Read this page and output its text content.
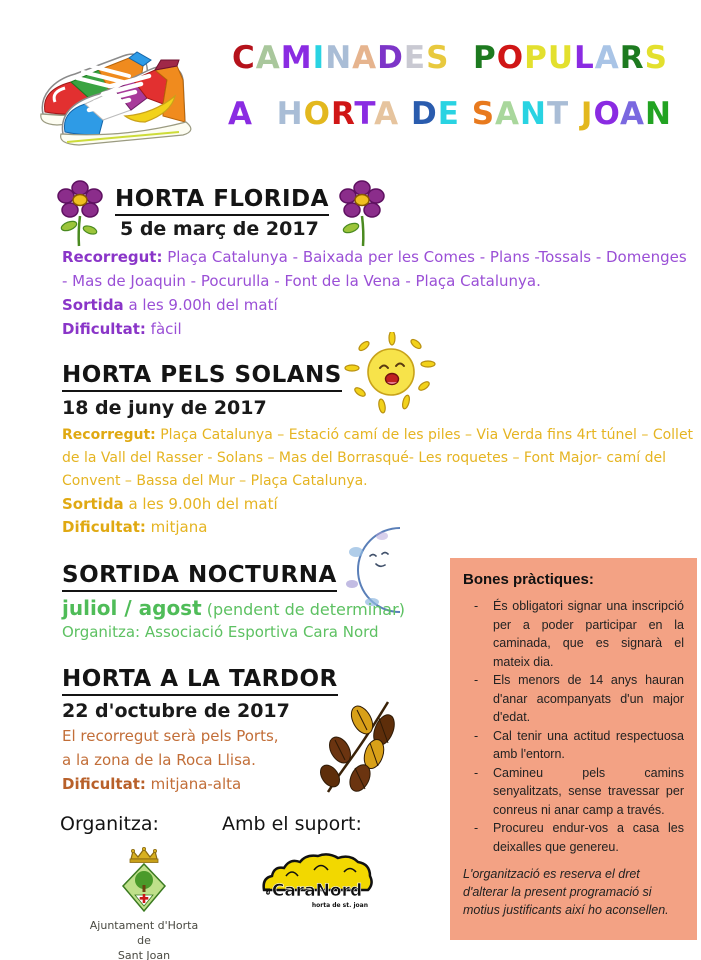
CAMINADES POPULARS
A HORTA DE SANT JOAN
HORTA FLORIDA
5 de març de 2017
Recorregut: Plaça Catalunya - Baixada per les Comes - Plans -Tossals - Domenges - Mas de Joaquin - Pocurulla - Font de la Vena - Plaça Catalunya.
Sortida a les 9.00h del matí
Dificultat: fàcil
HORTA PELS SOLANS
18 de juny de 2017
Recorregut: Plaça Catalunya – Estació camí de les piles – Via Verda fins 4rt túnel – Collet de la Vall del Rasser - Solans – Mas del Borrasqué- Les roquetes – Font Major- camí del Convent – Bassa del Mur – Plaça Catalunya.
Sortida a les 9.00h del matí
Dificultat: mitjana
SORTIDA NOCTURNA
juliol / agost (pendent de determinar)
Organitza: Associació Esportiva Cara Nord
HORTA A LA TARDOR
22 d'octubre de 2017
El recorregut serà pels Ports,
a la zona de la Roca Llisa.
Dificultat: mitjana-alta
Bones pràctiques:
-	És obligatori signar una inscripció per a poder participar en la caminada, que es signarà el mateix dia.
-	Els menors de 14 anys hauran d'anar acompanyats d'un major d'edat.
-	Cal tenir una actitud respectuosa amb l'entorn.
-	Camineu pels camins senyalitzats, sense travessar per conreus ni anar camp a través.
-	Procureu endur-vos a casa les deixalles que genereu.
L'organització es reserva el dret d'alterar la present programació si motius justificants així ho aconsellen.
Organitza:	Amb el suport:
Ajuntament d'Horta de
Sant Joan
el CaraNord
horta de st. joan
